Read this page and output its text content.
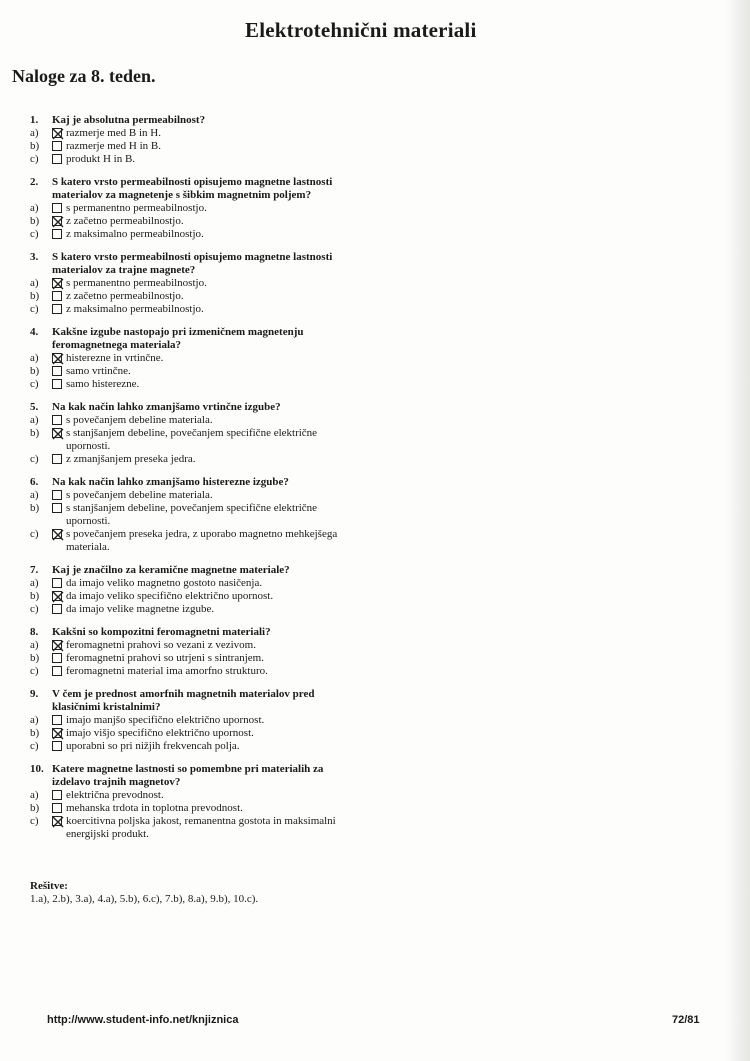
Elektrotehnični materiali
Naloge za 8. teden.
1.	Kaj je absolutna permeabilnost?
a)	razmerje med B in H.
b)	razmerje med H in B.
c)	produkt H in B.
2.	S katero vrsto permeabilnosti opisujemo magnetne lastnosti materialov za magnetenje s šibkim magnetnim poljem?
a)	s permanentno permeabilnostjo.
b)	z začetno permeabilnostjo.
c)	z maksimalno permeabilnostjo.
3.	S katero vrsto permeabilnosti opisujemo magnetne lastnosti materialov za trajne magnete?
a)	s permanentno permeabilnostjo.
b)	z začetno permeabilnostjo.
c)	z maksimalno permeabilnostjo.
4.	Kakšne izgube nastopajo pri izmeničnem magnetenju feromagnetnega materiala?
a)	histerezne in vrtinčne.
b)	samo vrtinčne.
c)	samo histerezne.
5.	Na kak način lahko zmanjšamo vrtinčne izgube?
a)	s povečanjem debeline materiala.
b)	s stanjšanjem debeline, povečanjem specifične električne upornosti.
c)	z zmanjšanjem preseka jedra.
6.	Na kak način lahko zmanjšamo histerezne izgube?
a)	s povečanjem debeline materiala.
b)	s stanjšanjem debeline, povečanjem specifične električne upornosti.
c)	s povečanjem preseka jedra, z uporabo magnetno mehkejšega materiala.
7.	Kaj je značilno za keramične magnetne materiale?
a)	da imajo veliko magnetno gostoto nasičenja.
b)	da imajo veliko specifično električno upornost.
c)	da imajo velike magnetne izgube.
8.	Kakšni so kompozitni feromagnetni materiali?
a)	feromagnetni prahovi so vezani z vezivom.
b)	feromagnetni prahovi so utrjeni s sintranjem.
c)	feromagnetni material ima amorfno strukturo.
9.	V čem je prednost amorfnih magnetnih materialov pred klasičnimi kristalnimi?
a)	imajo manjšo specifično električno upornost.
b)	imajo višjo specifično električno upornost.
c)	uporabni so pri nižjih frekvencah polja.
10. Katere magnetne lastnosti so pomembne pri materialih za izdelavo trajnih magnetov?
a)	električna prevodnost.
b)	mehanska trdota in toplotna prevodnost.
c)	koercitivna poljska jakost, remanentna gostota in maksimalni energijski produkt.
Rešitve:
1.a), 2.b), 3.a), 4.a), 5.b), 6.c), 7.b), 8.a), 9.b), 10.c).
http://www.student-info.net/knjiznica	72/81
